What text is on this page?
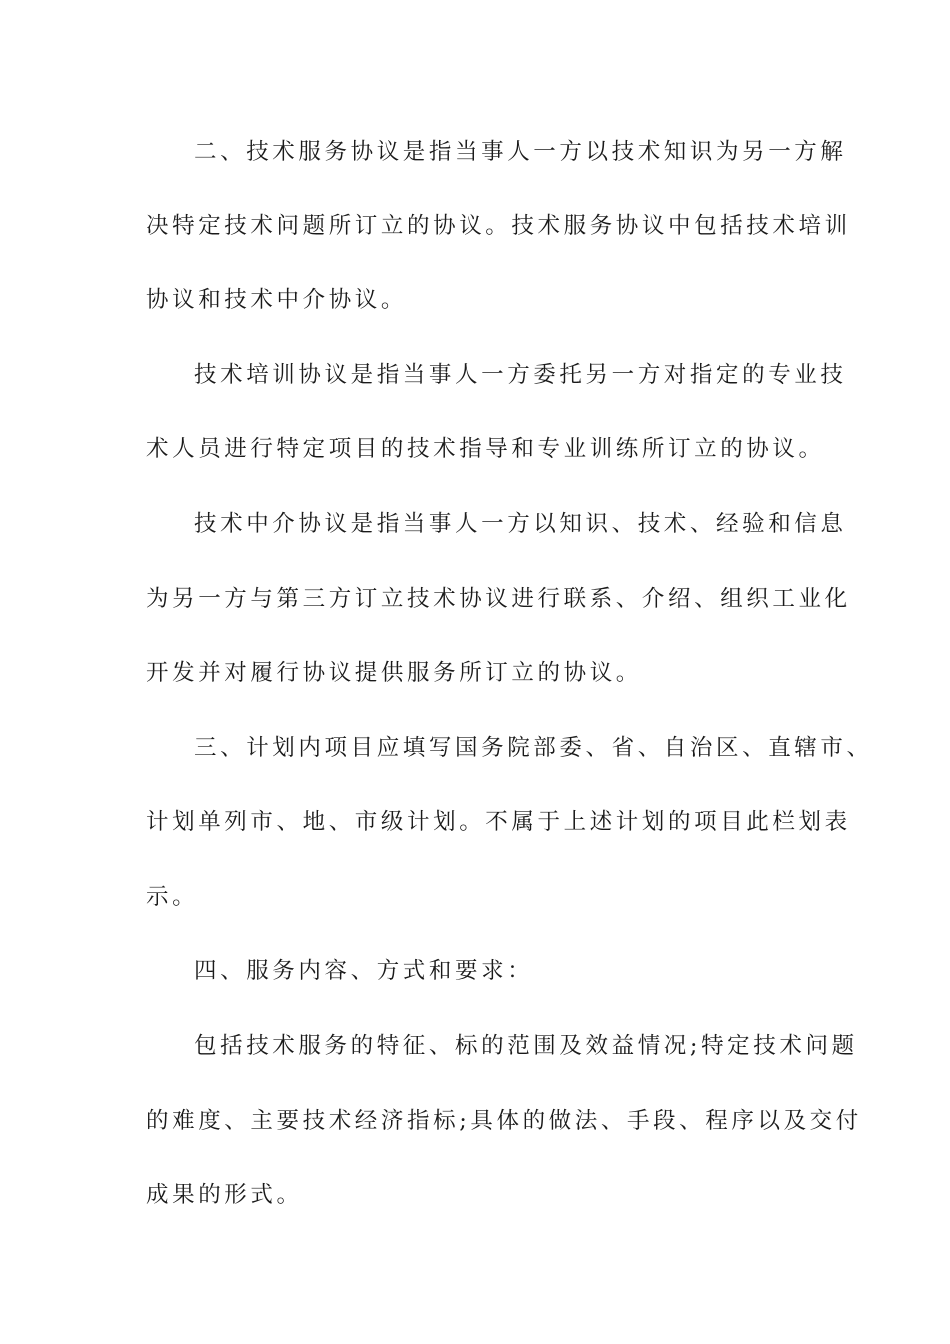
二、技术服务协议是指当事人一方以技术知识为另一方解
决特定技术问题所订立的协议。技术服务协议中包括技术培训
协议和技术中介协议。
技术培训协议是指当事人一方委托另一方对指定的专业技
术人员进行特定项目的技术指导和专业训练所订立的协议。
技术中介协议是指当事人一方以知识、技术、经验和信息
为另一方与第三方订立技术协议进行联系、介绍、组织工业化
开发并对履行协议提供服务所订立的协议。
三、计划内项目应填写国务院部委、省、自治区、直辖市、
计划单列市、地、市级计划。不属于上述计划的项目此栏划表
示。
四、服务内容、方式和要求：
包括技术服务的特征、标的范围及效益情况;特定技术问题
的难度、主要技术经济指标;具体的做法、手段、程序以及交付
成果的形式。
